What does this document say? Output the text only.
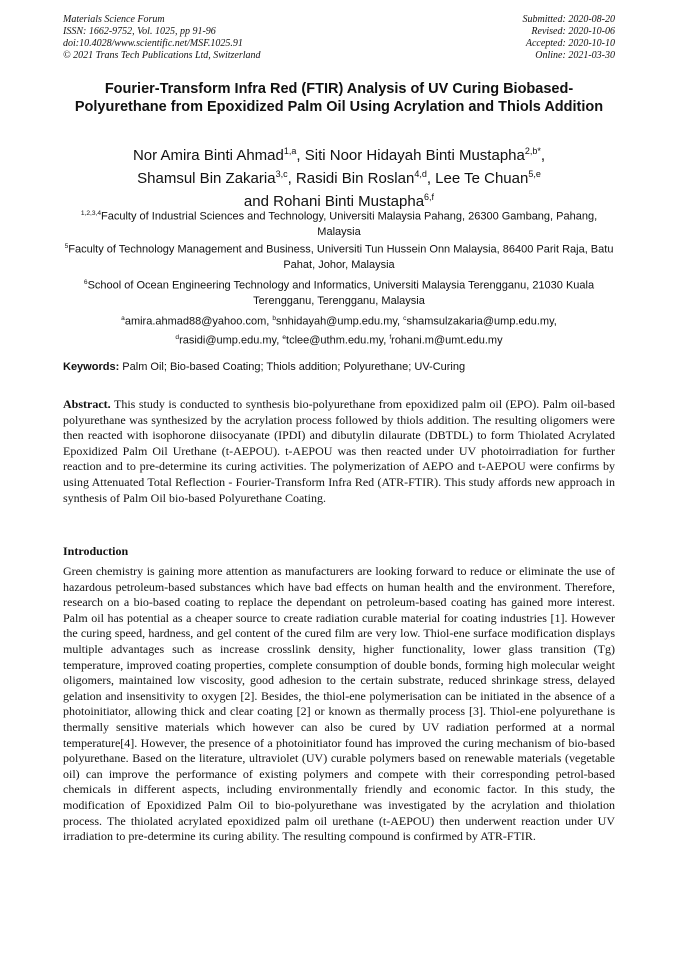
Materials Science Forum
ISSN: 1662-9752, Vol. 1025, pp 91-96
doi:10.4028/www.scientific.net/MSF.1025.91
© 2021 Trans Tech Publications Ltd, Switzerland
Submitted: 2020-08-20
Revised: 2020-10-06
Accepted: 2020-10-10
Online: 2021-03-30
Fourier-Transform Infra Red (FTIR) Analysis of UV Curing Biobased-Polyurethane from Epoxidized Palm Oil Using Acrylation and Thiols Addition
Nor Amira Binti Ahmad$^{1,a}$, Siti Noor Hidayah Binti Mustapha$^{2,b*}$,
Shamsul Bin Zakaria$^{3,c}$, Rasidi Bin Roslan$^{4,d}$, Lee Te Chuan$^{5,e}$
and Rohani Binti Mustapha$^{6,f}$
$^{1,2,3,4}$Faculty of Industrial Sciences and Technology, Universiti Malaysia Pahang, 26300 Gambang, Pahang, Malaysia
$^5$Faculty of Technology Management and Business, Universiti Tun Hussein Onn Malaysia, 86400 Parit Raja, Batu Pahat, Johor, Malaysia
$^6$School of Ocean Engineering Technology and Informatics, Universiti Malaysia Terengganu, 21030 Kuala Terengganu, Terengganu, Malaysia
$^a$amira.ahmad88@yahoo.com, $^b$snhidayah@ump.edu.my, $^c$shamsulzakaria@ump.edu.my,
$^d$rasidi@ump.edu.my, $^e$tclee@uthm.edu.my, $^f$rohani.m@umt.edu.my
Keywords: Palm Oil; Bio-based Coating; Thiols addition; Polyurethane; UV-Curing
Abstract. This study is conducted to synthesis bio-polyurethane from epoxidized palm oil (EPO). Palm oil-based polyurethane was synthesized by the acrylation process followed by thiols addition. The resulting oligomers were then reacted with isophorone diisocyanate (IPDI) and dibutylin dilaurate (DBTDL) to form Thiolated Acrylated Epoxidized Palm Oil Urethane (t-AEPOU). t-AEPOU was then reacted under UV photoirradiation for further reaction and to pre-determine its curing activities. The polymerization of AEPO and t-AEPOU were confirms by using Attenuated Total Reflection - Fourier-Transform Infra Red (ATR-FTIR). This study affords new approach in synthesis of Palm Oil bio-based Polyurethane Coating.
Introduction
Green chemistry is gaining more attention as manufacturers are looking forward to reduce or eliminate the use of hazardous petroleum-based substances which have bad effects on human health and the environment. Therefore, research on a bio-based coating to replace the dependant on petroleum-based coating has gained more interest. Palm oil has potential as a cheaper source to create radiation curable material for coating industries [1]. However the curing speed, hardness, and gel content of the cured film are very low. Thiol-ene surface modification displays multiple advantages such as increase crosslink density, higher functionality, lower glass transition (Tg) temperature, improved coating properties, complete consumption of double bonds, forming high molecular weight oligomers, maintained low viscosity, good adhesion to the certain substrate, reduced shrinkage stress, delayed gelation and insensitivity to oxygen [2]. Besides, the thiol-ene polymerisation can be initiated in the absence of a photoinitiator, allowing thick and clear coating [2] or known as thermally process [3]. Thiol-ene polyurethane is thermally sensitive materials which however can also be cured by UV radiation performed at a normal temperature[4]. However, the presence of a photoinitiator found has improved the curing mechanism of bio-based polyurethane. Based on the literature, ultraviolet (UV) curable polymers based on renewable materials (vegetable oil) can improve the performance of existing polymers and compete with their corresponding petrol-based chemicals in different aspects, including environmentally friendly and economic factor. In this study, the modification of Epoxidized Palm Oil to bio-polyurethane was investigated by the acrylation and thiolation process. The thiolated acrylated epoxidized palm oil urethane (t-AEPOU) then underwent reaction under UV irradiation to pre-determine its curing ability. The resulting compound is confirmed by ATR-FTIR.
